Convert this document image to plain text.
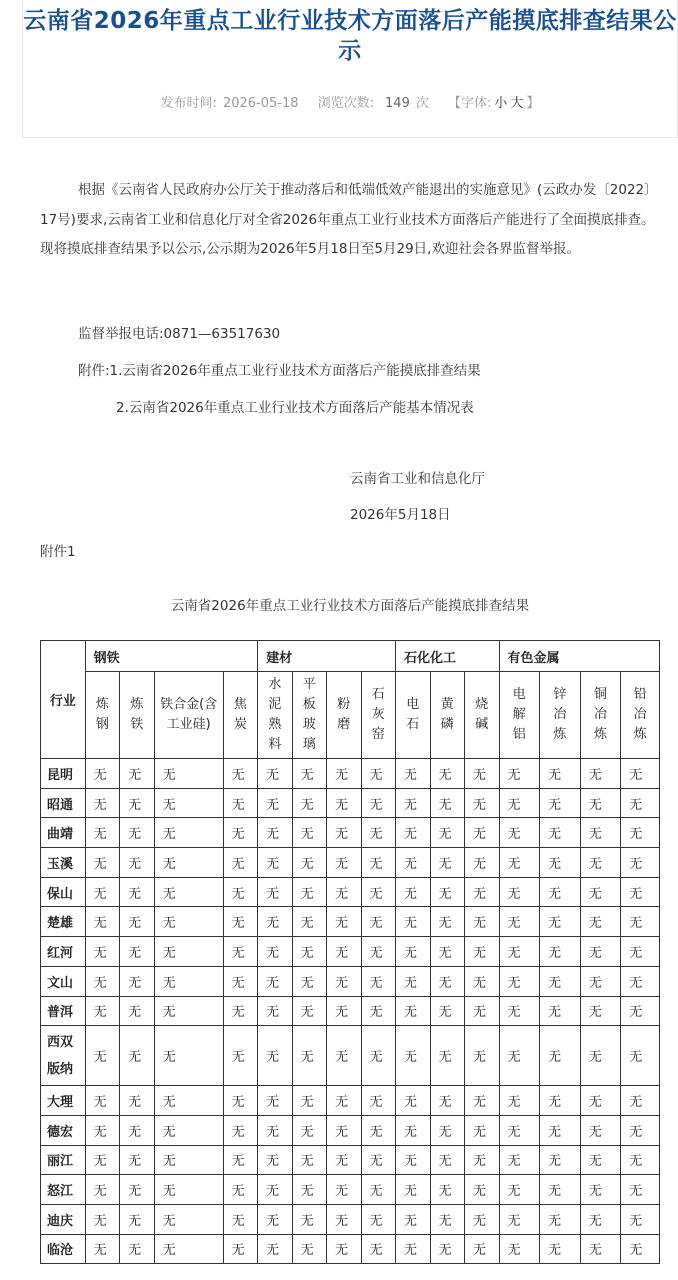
云南省2026年重点工业行业技术方面落后产能摸底排查结果公示
发布时间: 2026-05-18 浏览次数: 149 次 【字体: 小 大 】
根据《云南省人民政府办公厅关于推动落后和低端低效产能退出的实施意见》(云政办发〔2022〕17号)要求,云南省工业和信息化厅对全省2026年重点工业行业技术方面落后产能进行了全面摸底排查。现将摸底排查结果予以公示,公示期为2026年5月18日至5月29日,欢迎社会各界监督举报。
监督举报电话:0871—63517630
附件:1.云南省2026年重点工业行业技术方面落后产能摸底排查结果
2.云南省2026年重点工业行业技术方面落后产能基本情况表
云南省工业和信息化厅
2026年5月18日
附件1
云南省2026年重点工业行业技术方面落后产能摸底排查结果
行业	钢铁				建材				石化化工			有色金属			
	炼钢	炼铁	铁合金(含工业硅)	焦炭	水泥熟料	平板玻璃	粉磨	石灰窑	电石	黄磷	烧碱	电解铝	锌冶炼	铜冶炼	铅冶炼
昆明	无	无	无	无	无	无	无	无	无	无	无	无	无	无	无
昭通	无	无	无	无	无	无	无	无	无	无	无	无	无	无	无
曲靖	无	无	无	无	无	无	无	无	无	无	无	无	无	无	无
玉溪	无	无	无	无	无	无	无	无	无	无	无	无	无	无	无
保山	无	无	无	无	无	无	无	无	无	无	无	无	无	无	无
楚雄	无	无	无	无	无	无	无	无	无	无	无	无	无	无	无
红河	无	无	无	无	无	无	无	无	无	无	无	无	无	无	无
文山	无	无	无	无	无	无	无	无	无	无	无	无	无	无	无
普洱	无	无	无	无	无	无	无	无	无	无	无	无	无	无	无
西双版纳	无	无	无	无	无	无	无	无	无	无	无	无	无	无	无
大理	无	无	无	无	无	无	无	无	无	无	无	无	无	无	无
德宏	无	无	无	无	无	无	无	无	无	无	无	无	无	无	无
丽江	无	无	无	无	无	无	无	无	无	无	无	无	无	无	无
怒江	无	无	无	无	无	无	无	无	无	无	无	无	无	无	无
迪庆	无	无	无	无	无	无	无	无	无	无	无	无	无	无	无
临沧	无	无	无	无	无	无	无	无	无	无	无	无	无	无	无
